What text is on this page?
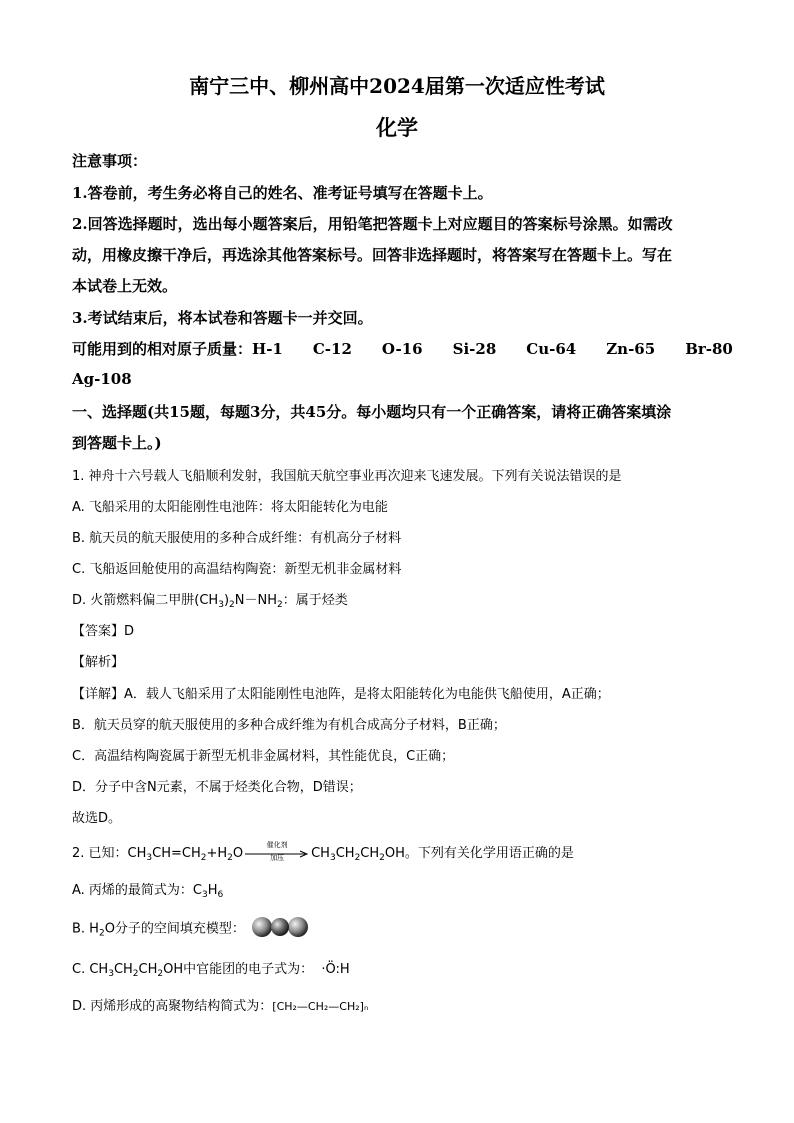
南宁三中、柳州高中2024届第一次适应性考试
化学
注意事项：
1.答卷前，考生务必将自己的姓名、准考证号填写在答题卡上。
2.回答选择题时，选出每小题答案后，用铅笔把答题卡上对应题目的答案标号涂黑。如需改
动，用橡皮擦干净后，再选涂其他答案标号。回答非选择题时，将答案写在答题卡上。写在
本试卷上无效。
3.考试结束后，将本试卷和答题卡一并交回。
可能用到的相对原子质量：H-1 C-12 O-16 Si-28 Cu-64 Zn-65 Br-80
Ag-108
一、选择题(共15题，每题3分，共45分。每小题均只有一个正确答案，请将正确答案填涂
到答题卡上。)
1. 神舟十六号载人飞船顺利发射，我国航天航空事业再次迎来飞速发展。下列有关说法错误的是
A. 飞船采用的太阳能刚性电池阵：将太阳能转化为电能
B. 航天员的航天服使用的多种合成纤维：有机高分子材料
C. 飞船返回舱使用的高温结构陶瓷：新型无机非金属材料
D. 火箭燃料偏二甲肼$(CH_3)_2N-NH_2$：属于烃类
【答案】D
【解析】
【详解】A．载人飞船采用了太阳能刚性电池阵，是将太阳能转化为电能供飞船使用，A正确；
B．航天员穿的航天服使用的多种合成纤维为有机合成高分子材料，B正确；
C．高温结构陶瓷属于新型无机非金属材料，其性能优良，C正确；
D．分子中含N元素，不属于烃类化合物，D错误；
故选D。
2. 已知：$CH_3CH=CH_2+H_2O$
催化剂
加压	$CH_3CH_2CH_2OH$。下列有关化学用语正确的是
A. 丙烯的最简式为：$C_3H_6$
B. $H_2O$分子的空间填充模型：
C. $CH_3CH_2CH_2OH$中官能团的电子式为： ·Ö:H
D. 丙烯形成的高聚物结构简式为：[CH₂—CH₂—CH₂]ₙ
